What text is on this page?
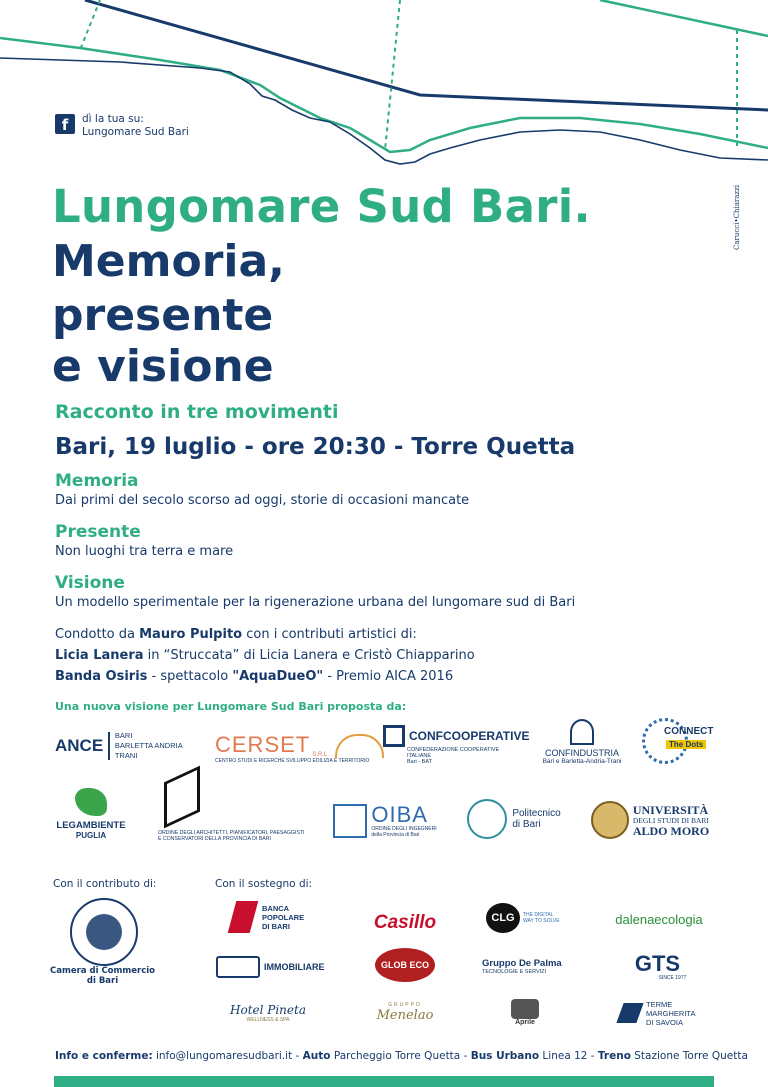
f	dì la tua su:
Lungomare Sud Bari
Carucci•Chiarazzi
Lungomare Sud Bari.
Memoria,
presente
e visione
Racconto in tre movimenti
Bari, 19 luglio - ore 20:30 - Torre Quetta
Memoria
Dai primi del secolo scorso ad oggi, storie di occasioni mancate
Presente
Non luoghi tra terra e mare
Visione
Un modello sperimentale per la rigenerazione urbana del lungomare sud di Bari
Condotto da Mauro Pulpito con i contributi artistici di:
Licia Lanera in “Struccata” di Licia Lanera e Cristò Chiapparino
Banda Osiris - spettacolo "AquaDueO" - Premio AICA 2016
Una nuova visione per Lungomare Sud Bari proposta da:
ANCE
BARI
BARLETTA ANDRIA TRANI	CERSET S.R.L.
CENTRO STUDI E RICERCHE SVILUPPO EDILIZIA E TERRITORIO
CONFCOOPERATIVE
CONFEDERAZIONE COOPERATIVE ITALIANE
Bari - BAT
CONFINDUSTRIA
Bari e Barletta-Andria-Trani
CONNECT
The Dots
LEGAMBIENTE
PUGLIA	ORDINE DEGLI ARCHITETTI, PIANIFICATORI, PAESAGGISTI
E CONSERVATORI DELLA PROVINCIA DI BARI
OIBA
ORDINE DEGLI INGEGNERI
della Provincia di Bari
Politecnico
di Bari
UNIVERSITÀ
DEGLI STUDI DI BARI
ALDO MORO
Con il contributo di:	Con il sostegno di:
Camera di Commercio
di Bari
BANCA
POPOLARE
DI BARI	Casillo	CLG	THE DIGITAL WAY TO SOLVE	dalenaecologia
IMMOBILIARE	GLOB ECO	Gruppo De Palma
TECNOLOGIE E SERVIZI	GTS
SINCE 1977
Hotel Pineta
WELLNESS & SPA
GRUPPO
Menelao	Aprile
TERME
MARGHERITA
DI SAVOIA
Info e conferme: info@lungomaresudbari.it - Auto Parcheggio Torre Quetta - Bus Urbano Linea 12 - Treno Stazione Torre Quetta
